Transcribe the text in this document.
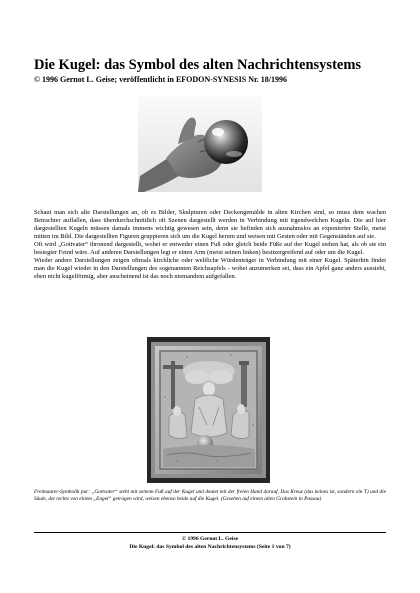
Die Kugel: das Symbol des alten Nachrichtensystems
© 1996 Gernot L. Geise; veröffentlicht in EFODON-SYNESIS Nr. 18/1996

Schaut man sich alte Darstellungen an, ob es Bilder, Skulpturen oder Deckengemälde in alten Kirchen sind, so muss dem wachen Betrachter auffallen, dass überdurchschnittlich oft Szenen dargestellt werden in Verbindung mit irgendwelchen Kugeln. Die auf hier dargestellten Kugeln müssen damals immens wichtig gewesen sein, denn sie befinden sich ausnahmslos an exponierter Stelle, meist mitten im Bild. Die dargestellten Figuren gruppieren sich um die Kugel herum und weisen mit Gesten oder mit Gegenständen auf sie.

Oft wird „Gottvater“ thronend dargestellt, wobei er entweder einen Fuß oder gleich beide Füße auf der Kugel stehen hat, als ob sie ein besiegter Feind wäre. Auf anderen Darstellungen legt er einen Arm (meist seinen linken) besitzergreifend auf oder um die Kugel.

Wieder andere Darstellungen zeigen oftmals kirchliche oder weltliche Würdenträger in Verbindung mit einer Kugel. Späterhin findet man die Kugel wieder in den Darstellungen des sogenannten Reichsapfels - wobei anzumerken sei, dass ein Apfel ganz anders aussieht, eben nicht kugelförmig, aber anscheinend ist das noch niemandem aufgefallen.

Freimaurer-Symbolik pur: „Gottvater“ steht mit seinem Fuß auf der Kugel und deutet mit der freien Hand darauf. Das Kreuz (das keines ist, sondern ein T) und die Säule, die rechts von einem „Engel“ getragen wird, weisen ebenso beide auf die Kugel. (Gesehen auf einem alten Grabstein in Passau)
© 1996 Gernot L. Geise
Die Kugel: das Symbol des alten Nachrichtensystems (Seite 1 von 7)
